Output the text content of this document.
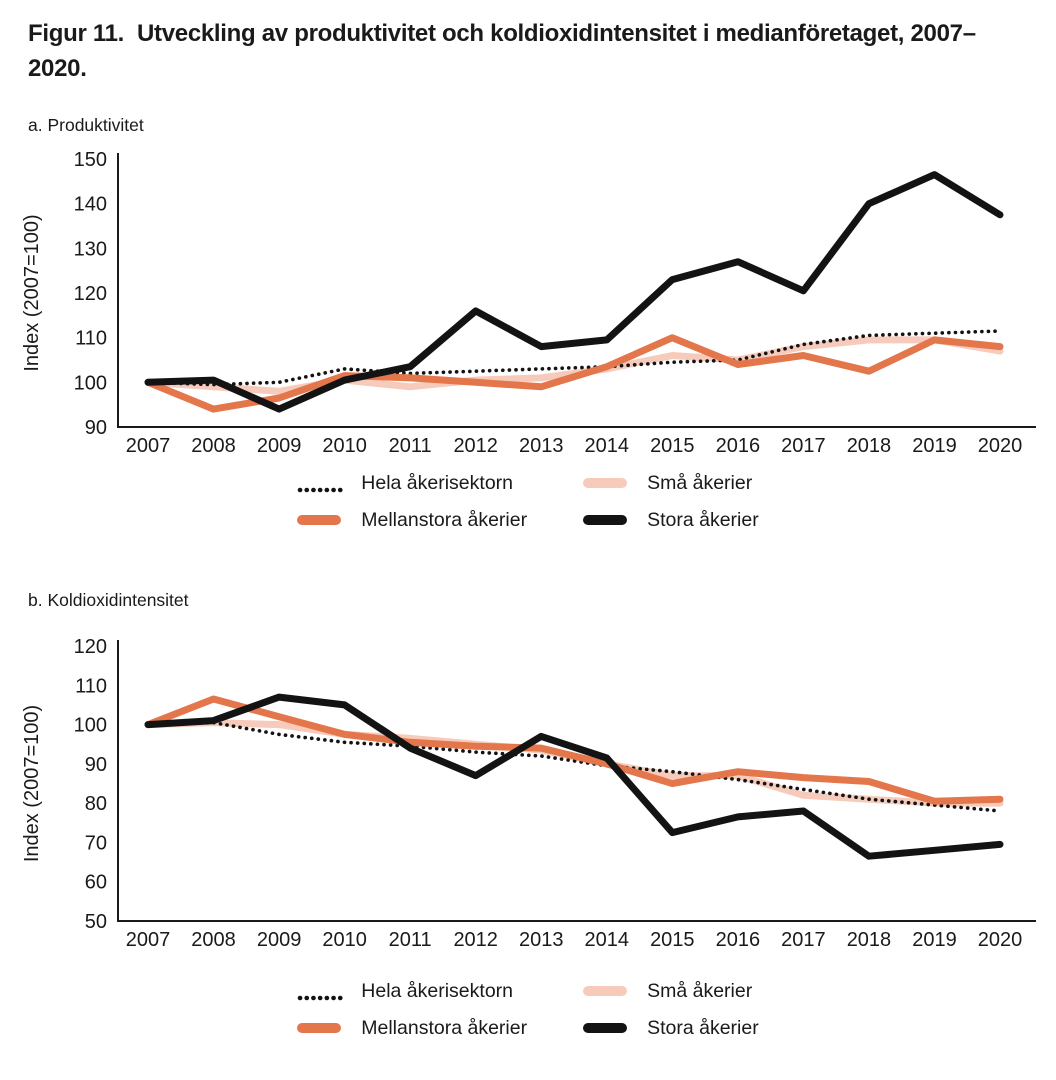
Figur 11. Utveckling av produktivitet och koldioxidintensitet i medianföretaget, 2007–2020.
a. Produktivitet
90
100
110
120
130
140
150
Index (2007=100)
2007 2008 2009 2010 2011 2012 2013 2014 2015 2016 2017 2018 2019 2020
Hela åkerisektorn	Små åkerier
Mellanstora åkerier	Stora åkerier
b. Koldioxidintensitet
50
60
70
80
90
100
110
120
Index (2007=100)
2007 2008 2009 2010 2011 2012 2013 2014 2015 2016 2017 2018 2019 2020
Hela åkerisektorn	Små åkerier
Mellanstora åkerier	Stora åkerier
